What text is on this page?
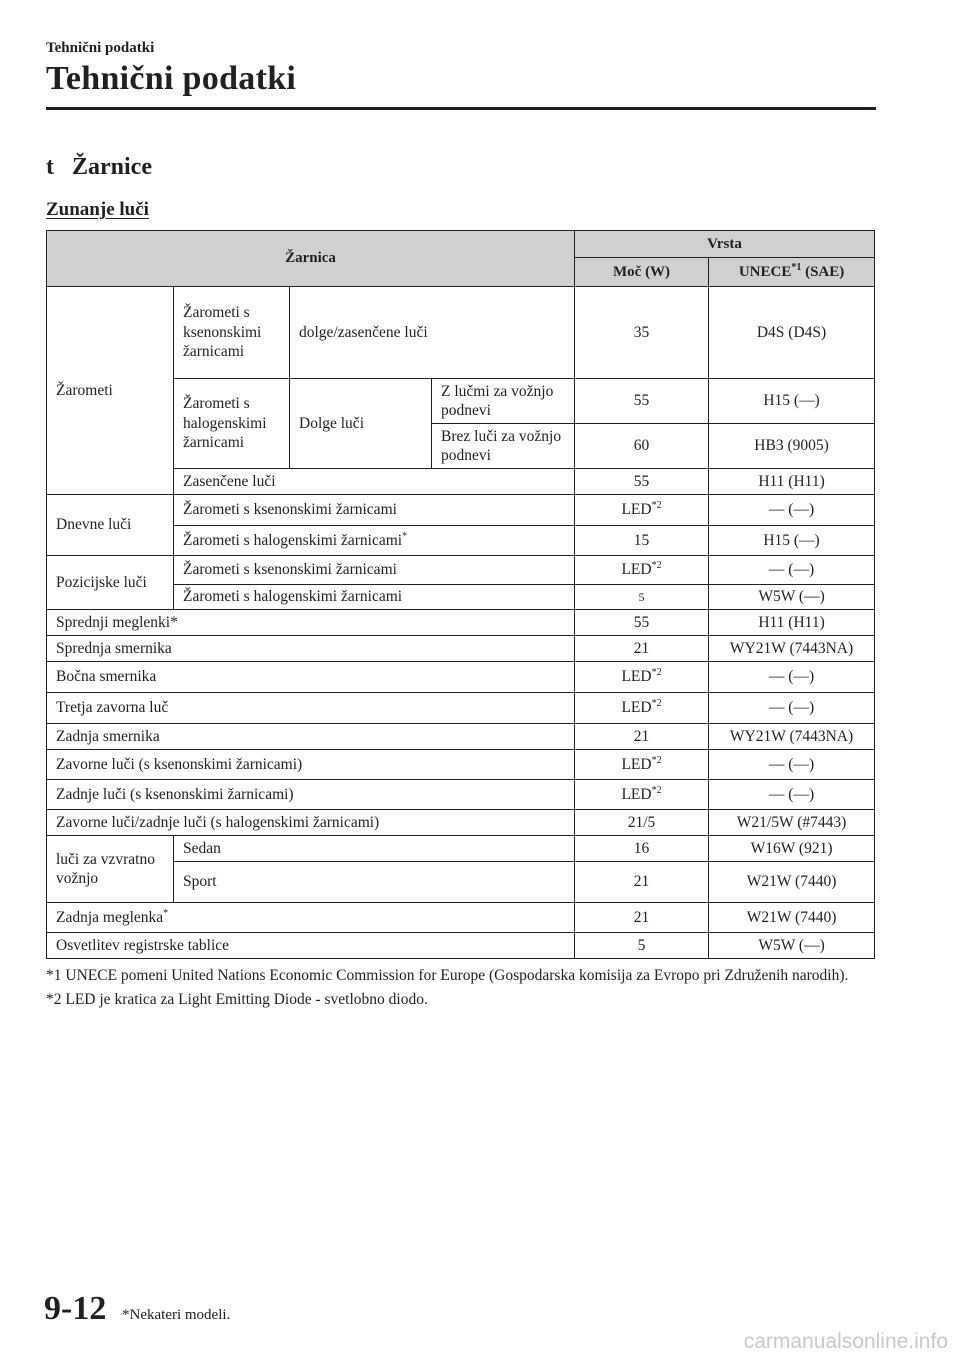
Tehnični podatki
Tehnični podatki
t Žarnice
Zunanje luči
Žarnica				Vrsta	
				Moč (W)	UNECE$^{*1}$ (SAE)
Žarometi	Žarometi s ksenonskimi žarnicami	dolge/zasenčene luči		35	D4S (D4S)
	Žarometi s halogenskimi žarnicami	Dolge luči	Z lučmi za vožnjo podnevi	55	H15 (—)
			Brez luči za vožnjo podnevi	60	HB3 (9005)
	Zasenčene luči			55	H11 (H11)
Dnevne luči	Žarometi s ksenonskimi žarnicami			LED$^{*2}$	— (—)
	Žarometi s halogenskimi žarnicami*			15	H15 (—)
Pozicijske luči	Žarometi s ksenonskimi žarnicami			LED$^{*2}$	— (—)
	Žarometi s halogenskimi žarnicami			5	W5W (—)
Sprednji meglenki*				55	H11 (H11)
Sprednja smernika				21	WY21W (7443NA)
Bočna smernika				LED$^{*2}$	— (—)
Tretja zavorna luč				LED$^{*2}$	— (—)
Zadnja smernika				21	WY21W (7443NA)
Zavorne luči (s ksenonskimi žarnicami)				LED$^{*2}$	— (—)
Zadnje luči (s ksenonskimi žarnicami)				LED$^{*2}$	— (—)
Zavorne luči/zadnje luči (s halogenskimi žarnicami)				21/5	W21/5W (#7443)
luči za vzvratno vožnjo	Sedan			16	W16W (921)
	Sport			21	W21W (7440)
Zadnja meglenka*				21	W21W (7440)
Osvetlitev registrske tablice				5	W5W (—)
*1 UNECE pomeni United Nations Economic Commission for Europe (Gospodarska komisija za Evropo pri Združenih narodih).
*2 LED je kratica za Light Emitting Diode - svetlobno diodo.
9-12 *Nekateri modeli.
carmanualsonline.info
